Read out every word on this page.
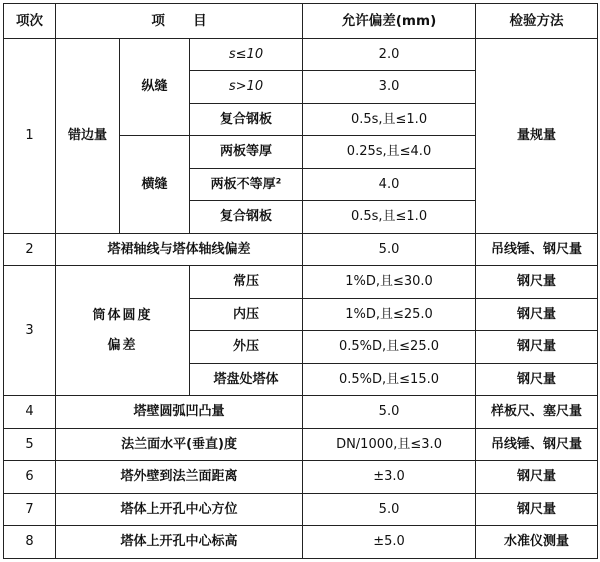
项次	项      目			允许偏差(mm)	检验方法
1	错边量	纵缝	s≤10	2.0	量规量
			s>10	3.0	
			复合钢板	0.5s,且≤1.0	
		横缝	两板等厚	0.25s,且≤4.0	
			两板不等厚²	4.0	
			复合钢板	0.5s,且≤1.0	
2	塔裙轴线与塔体轴线偏差			5.0	吊线锤、钢尺量
3	筒体圆度偏差		常压	1%D,且≤30.0	钢尺量
			内压	1%D,且≤25.0	钢尺量
			外压	0.5%D,且≤25.0	钢尺量
			塔盘处塔体	0.5%D,且≤15.0	钢尺量
4	塔壁圆弧凹凸量			5.0	样板尺、塞尺量
5	法兰面水平(垂直)度			DN/1000,且≤3.0	吊线锤、钢尺量
6	塔外壁到法兰面距离			±3.0	钢尺量
7	塔体上开孔中心方位			5.0	钢尺量
8	塔体上开孔中心标高			±5.0	水准仪测量
